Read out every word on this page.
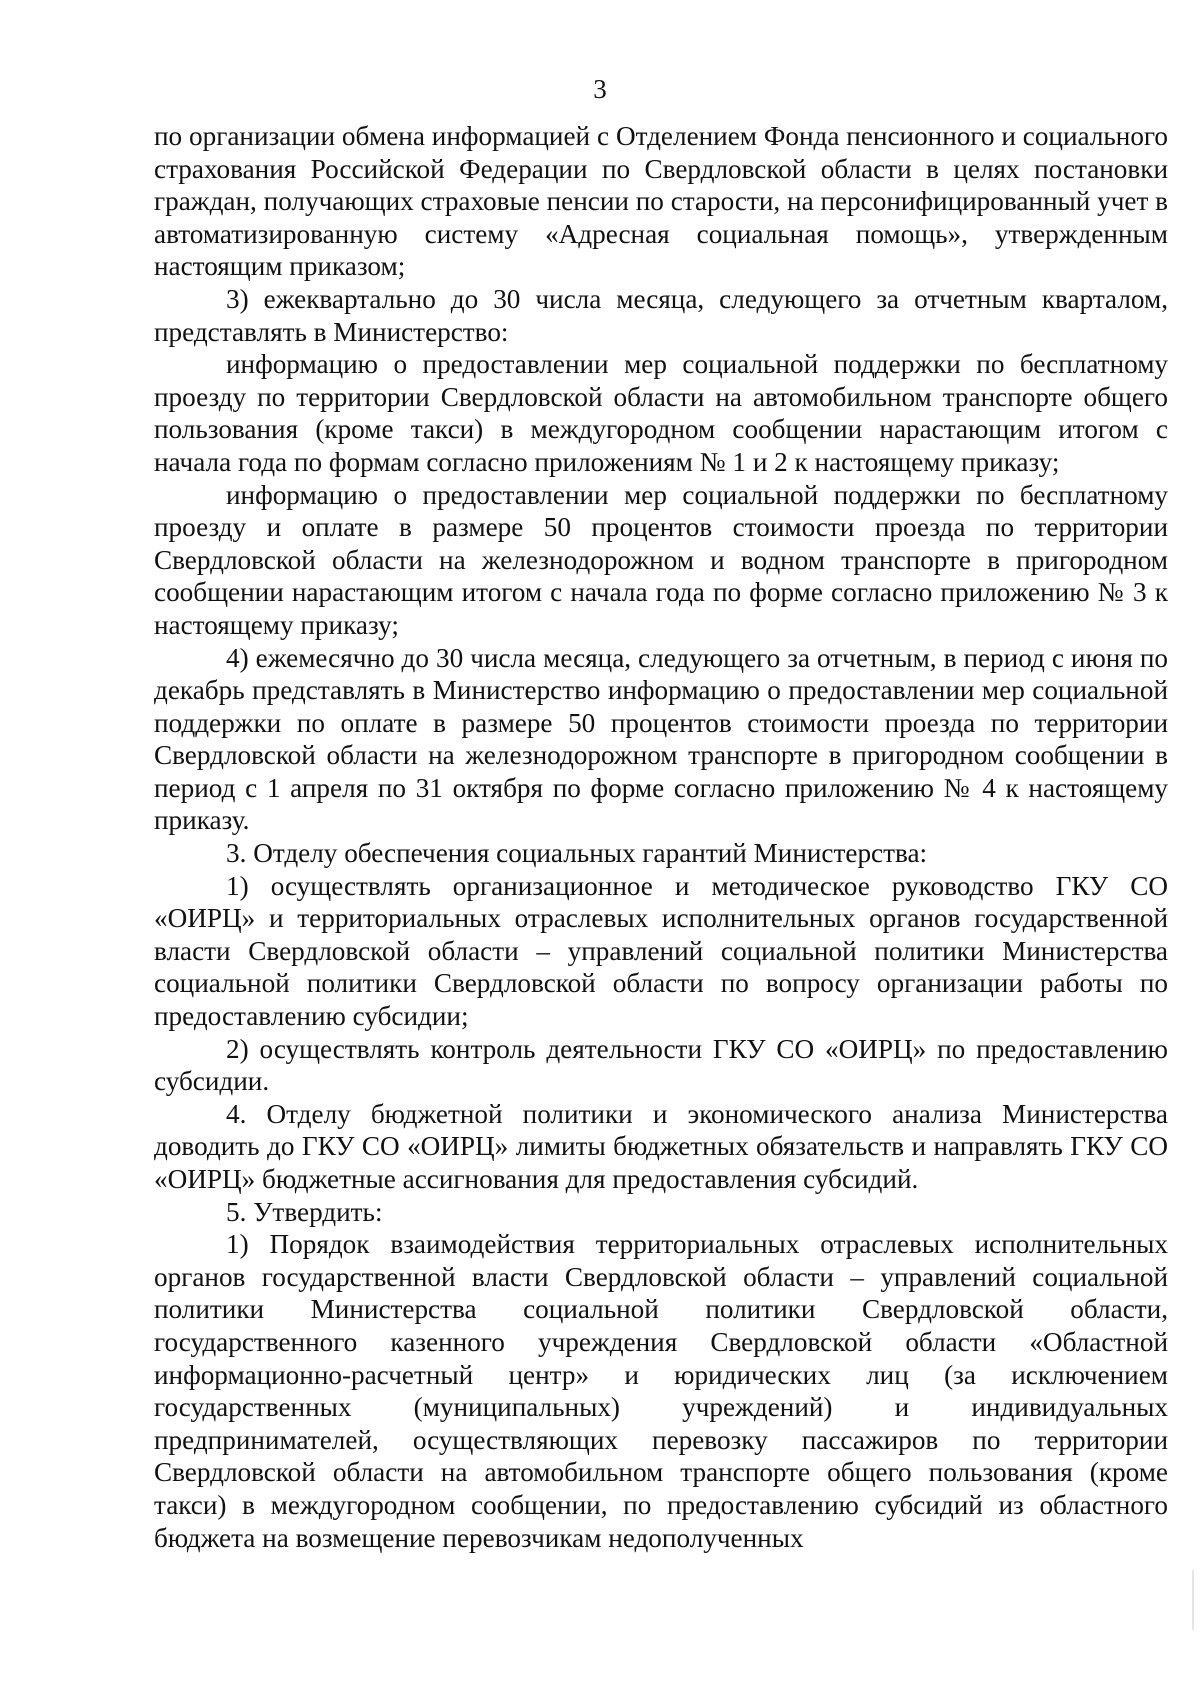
3

по организации обмена информацией с Отделением Фонда пенсионного и социального страхования Российской Федерации по Свердловской области в целях постановки граждан, получающих страховые пенсии по старости, на персонифицированный учет в автоматизированную систему «Адресная социальная помощь», утвержденным настоящим приказом;

3) ежеквартально до 30 числа месяца, следующего за отчетным кварталом, представлять в Министерство:

информацию о предоставлении мер социальной поддержки по бесплатному проезду по территории Свердловской области на автомобильном транспорте общего пользования (кроме такси) в междугородном сообщении нарастающим итогом с начала года по формам согласно приложениям № 1 и 2 к настоящему приказу;

информацию о предоставлении мер социальной поддержки по бесплатному проезду и оплате в размере 50 процентов стоимости проезда по территории Свердловской области на железнодорожном и водном транспорте в пригородном сообщении нарастающим итогом с начала года по форме согласно приложению № 3 к настоящему приказу;

4) ежемесячно до 30 числа месяца, следующего за отчетным, в период с июня по декабрь представлять в Министерство информацию о предоставлении мер социальной поддержки по оплате в размере 50 процентов стоимости проезда по территории Свердловской области на железнодорожном транспорте в пригородном сообщении в период с 1 апреля по 31 октября по форме согласно приложению № 4 к настоящему приказу.

3. Отделу обеспечения социальных гарантий Министерства:

1) осуществлять организационное и методическое руководство ГКУ СО «ОИРЦ» и территориальных отраслевых исполнительных органов государственной власти Свердловской области – управлений социальной политики Министерства социальной политики Свердловской области по вопросу организации работы по предоставлению субсидии;

2) осуществлять контроль деятельности ГКУ СО «ОИРЦ» по предоставлению субсидии.

4. Отделу бюджетной политики и экономического анализа Министерства доводить до ГКУ СО «ОИРЦ» лимиты бюджетных обязательств и направлять ГКУ СО «ОИРЦ» бюджетные ассигнования для предоставления субсидий.

5. Утвердить:

1) Порядок взаимодействия территориальных отраслевых исполнительных органов государственной власти Свердловской области – управлений социальной политики Министерства социальной политики Свердловской области, государственного казенного учреждения Свердловской области «Областной информационно-расчетный центр» и юридических лиц (за исключением государственных (муниципальных) учреждений) и индивидуальных предпринимателей, осуществляющих перевозку пассажиров по территории Свердловской области на автомобильном транспорте общего пользования (кроме такси) в междугородном сообщении, по предоставлению субсидий из областного бюджета на возмещение перевозчикам недополученных
